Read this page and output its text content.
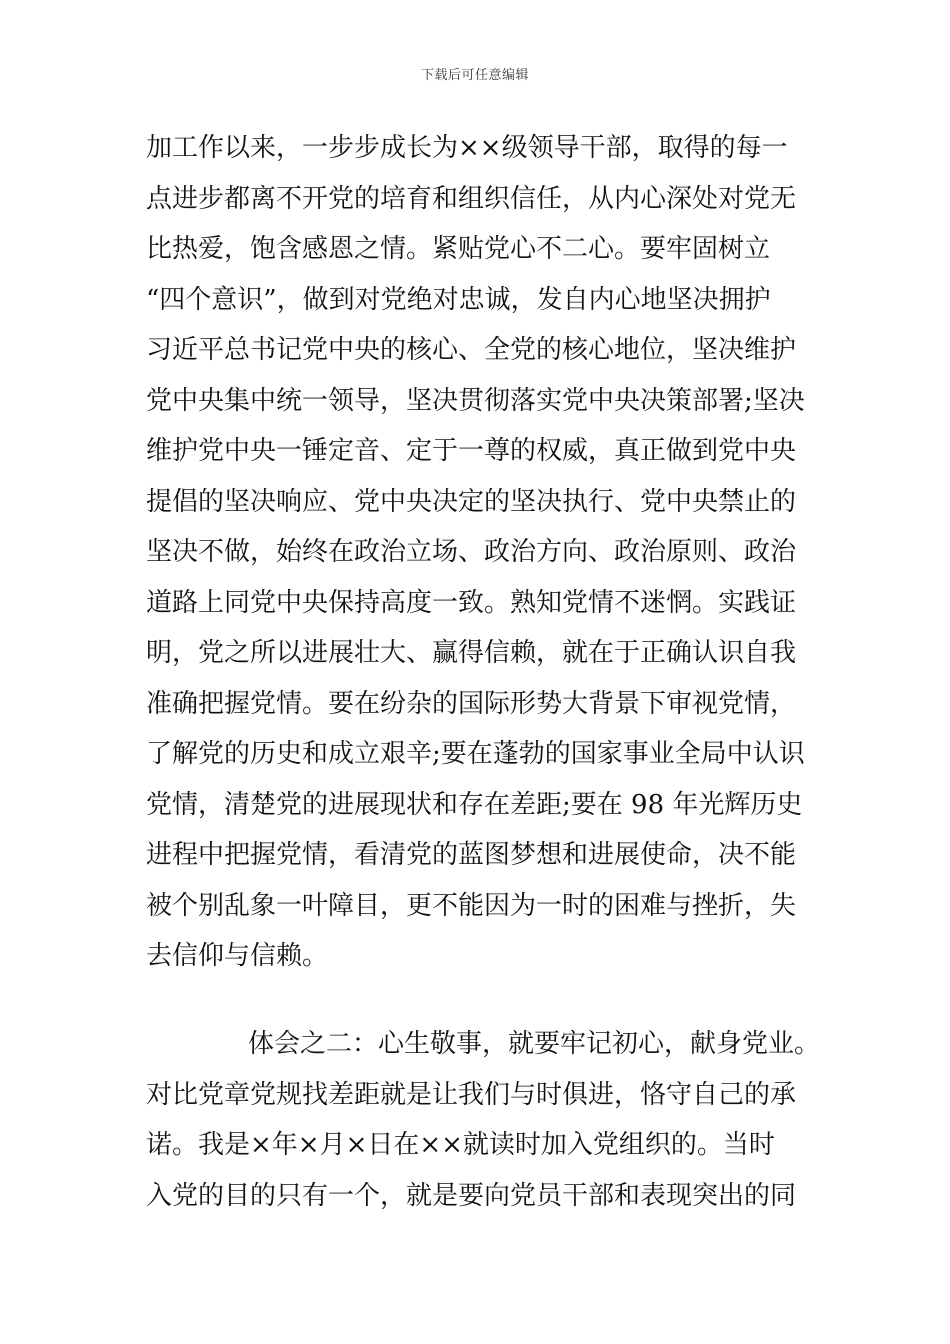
下载后可任意编辑
加工作以来，一步步成长为××级领导干部，取得的每一
点进步都离不开党的培育和组织信任，从内心深处对党无
比热爱，饱含感恩之情。紧贴党心不二心。要牢固树立
“四个意识”，做到对党绝对忠诚，发自内心地坚决拥护
习近平总书记党中央的核心、全党的核心地位，坚决维护
党中央集中统一领导，坚决贯彻落实党中央决策部署;坚决
维护党中央一锤定音、定于一尊的权威，真正做到党中央
提倡的坚决响应、党中央决定的坚决执行、党中央禁止的
坚决不做，始终在政治立场、政治方向、政治原则、政治
道路上同党中央保持高度一致。熟知党情不迷惘。实践证
明，党之所以进展壮大、赢得信赖，就在于正确认识自我
准确把握党情。要在纷杂的国际形势大背景下审视党情，
了解党的历史和成立艰辛;要在蓬勃的国家事业全局中认识
党情，清楚党的进展现状和存在差距;要在 98 年光辉历史
进程中把握党情，看清党的蓝图梦想和进展使命，决不能
被个别乱象一叶障目，更不能因为一时的困难与挫折，失
去信仰与信赖。
体会之二：心生敬事，就要牢记初心，献身党业。
对比党章党规找差距就是让我们与时俱进，恪守自己的承
诺。我是×年×月×日在××就读时加入党组织的。当时
入党的目的只有一个，就是要向党员干部和表现突出的同
